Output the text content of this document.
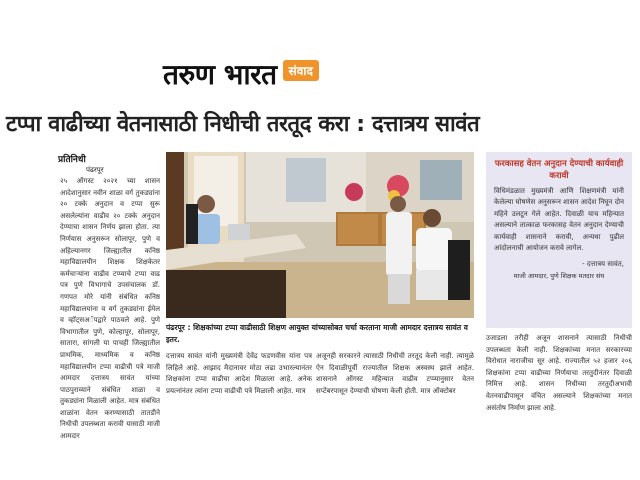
तरुण भारत	संवाद
टप्पा वाढीच्या वेतनासाठी निधीची तरतूद करा : दत्तात्रय सावंत
प्रतिनिधी
पंढरपूर
२५ ऑगस्ट २०२१ च्या शासन आदेशानुसार नवीन शाळा वर्ग तुकड्यांना २० टक्के अनुदान व टप्पा सुरू असलेल्यांना वाढीव २० टक्के अनुदान देण्याचा शासन निर्णय झाला होता. त्या निर्णयास अनुसरून सोलापूर, पुणे व अहिल्यानगर जिल्ह्यातील कनिष्ठ महाविद्यालयीन शिक्षक शिक्षकेतर कर्मचाऱ्यांना वाढीव टप्प्याचे टप्पा वाढ पत्र पुणे विभागाचे उपसंचालक डॉ. गणपत मोरे यांनी संबंधित कनिष्ठ महाविद्यालयांना व वर्ग तुकड्यांना ईमेल व व्हॉट्सअॅपद्वारे पाठवले आहे. पुणे विभागातील पुणे, कोल्हापूर, सोलापूर, सातारा, सांगली या पाचही जिल्ह्यातील प्राथमिक, माध्यमिक व कनिष्ठ महाविद्यालयीन टप्पा वाढीची पत्रे माजी आमदार दत्तात्रय सावंत यांच्या पाठपुराव्याने संबंधित शाळा व तुकड्यांना मिळाली आहेत. मात्र संबंधित शाळांना वेतन करण्यासाठी तातडीने निधीची उपलब्धता करावी यासाठी माजी आमदार
पंढरपूर : शिक्षकांच्या टप्पा वाढीसाठी शिक्षण आयुक्त यांच्यासोबत चर्चा करताना माजी आमदार दत्तात्रय सावंत व इतर.
दत्तात्रय सावंत यांनी मुख्यमंत्री देवेंद्र फडणवीस यांना पत्र लिहिले आहे. आझाद मैदानावर मोठा लढा उभारल्यानंतर शिक्षकांना टप्पा वाढीचा आदेश मिळाला आहे. अनेक प्रयत्नांनंतर त्यांना टप्पा वाढीची पत्रे मिळाली आहेत. मात्र
अजूनही सरकारने त्यासाठी निधीची तरतूद केली नाही. त्यामुळे ऐन दिवाळीपूर्वी राज्यातील शिक्षक अस्वस्थ झाले आहेत. शासनाने ऑगस्ट महिन्यात वाढीव टप्प्यानुसार वेतन सप्टेंबरपासून देण्याची घोषणा केली होती. मात्र ऑक्टोबर
फरकासह वेतन अनुदान देण्याची कार्यवाही करावी
विधिमंडळात मुख्यमंत्री आणि शिक्षणमंत्री यांनी केलेल्या घोषणेस अनुसरून शासन आदेश निघून दोन महिने उलटून गेले आहेत. दिवाळी याच महिन्यात असल्याने तात्काळ फरकासह वेतन अनुदान देण्याची कार्यवाही शासनाने करावी, अन्यथा पुढील आंदोलनाची आयोजन करावे लागेल.
- दत्तात्रय सावंत,
माजी आमदार, पुणे शिक्षक मतदार संघ
उजाडला तरीही अजून शासनाने त्यासाठी निधीची उपलब्धता केली नाही. शिक्षकांच्या मनात सरकारच्या विरोधात नाराजीचा सूर आहे. राज्यातील ५२ हजार २०६ शिक्षकांना टप्पा वाढीच्या निर्णयाचा तरतुदीनंतर दिवाळी निमित्त आहे. शासन निधीच्या तरतुदीअभावी वेतनवाढीपासून वंचित असल्याने शिक्षकांच्या मनात असंतोष निर्माण झाला आहे.
